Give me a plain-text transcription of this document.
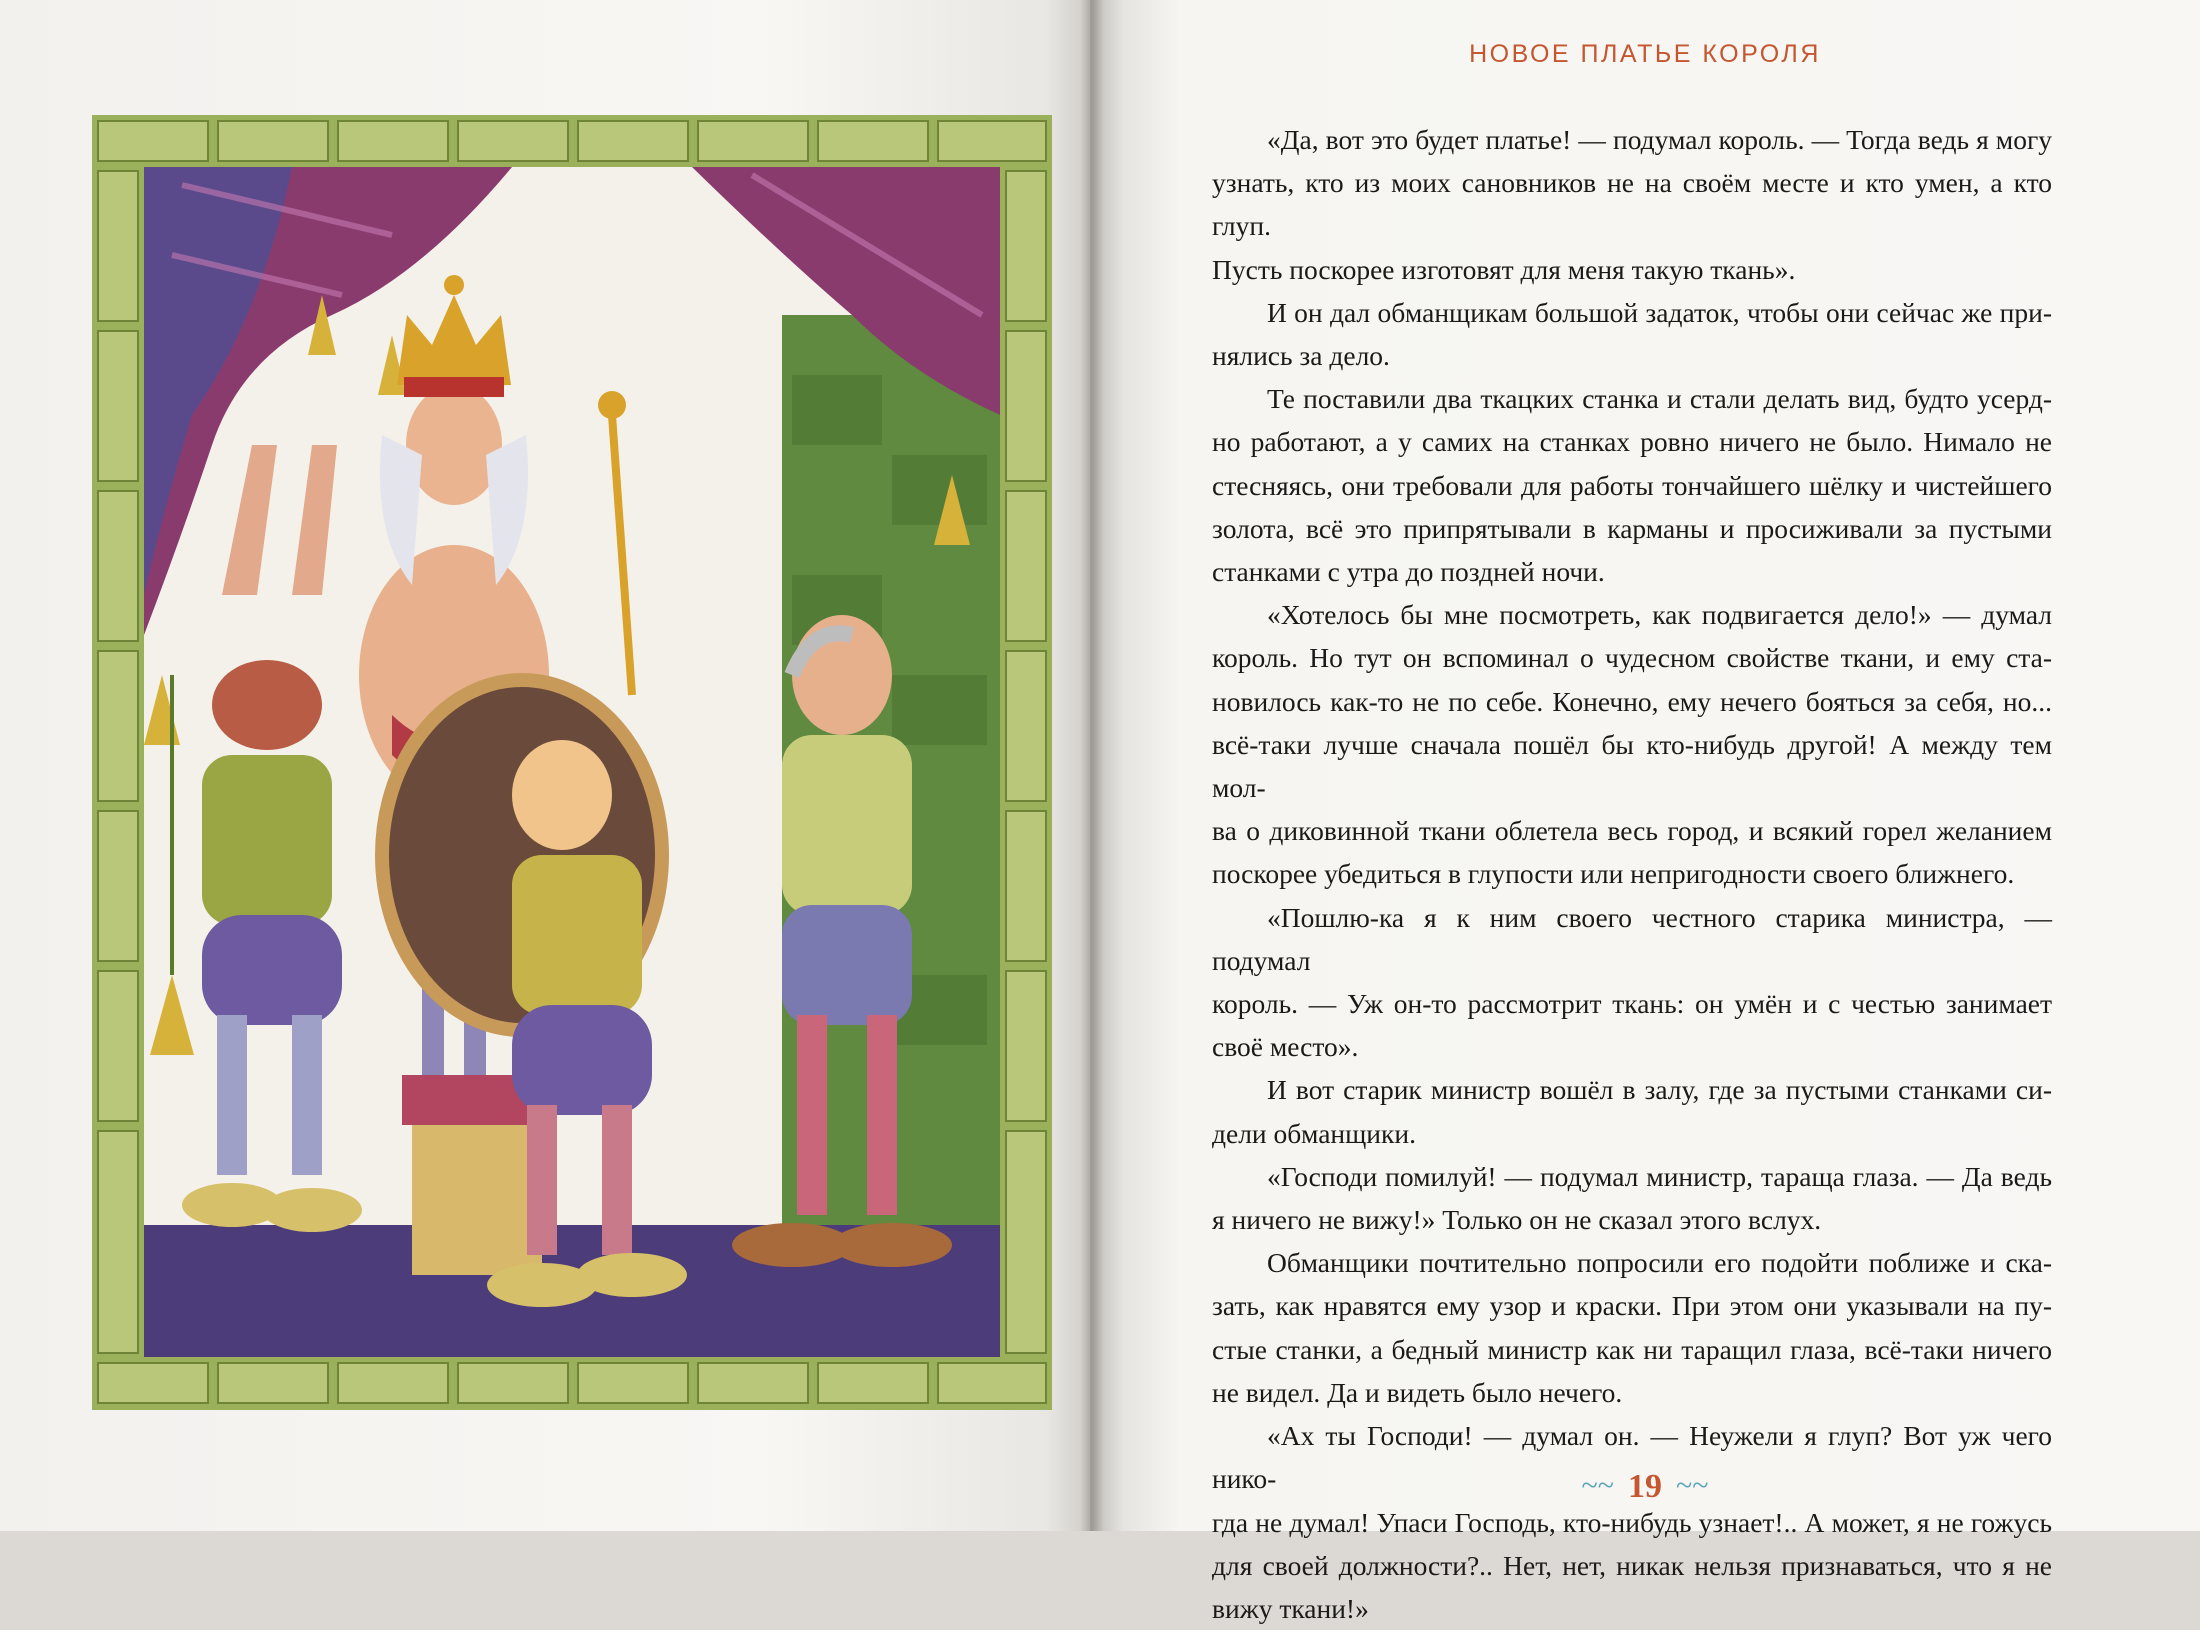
НОВОЕ ПЛАТЬЕ КОРОЛЯ

«Да, вот это будет платье! — подумал король. — Тогда ведь я могу

узнать, кто из моих сановников не на своём месте и кто умен, а кто глуп.

Пусть поскорее изготовят для меня такую ткань».

И он дал обманщикам большой задаток, чтобы они сейчас же при-

нялись за дело.

Те поставили два ткацких станка и стали делать вид, будто усерд-

но работают, а у самих на станках ровно ничего не было. Нимало не

стесняясь, они требовали для работы тончайшего шёлку и чистейшего

золота, всё это припрятывали в карманы и просиживали за пустыми

станками с утра до поздней ночи.

«Хотелось бы мне посмотреть, как подвигается дело!» — думал

король. Но тут он вспоминал о чудесном свойстве ткани, и ему ста-

новилось как-то не по себе. Конечно, ему нечего бояться за себя, но...

всё-таки лучше сначала пошёл бы кто-нибудь другой! А между тем мол-

ва о диковинной ткани облетела весь город, и всякий горел желанием

поскорее убедиться в глупости или непригодности своего ближнего.

«Пошлю-ка я к ним своего честного старика министра, — подумал

король. — Уж он-то рассмотрит ткань: он умён и с честью занимает

своё место».

И вот старик министр вошёл в залу, где за пустыми станками си-

дели обманщики.

«Господи помилуй! — подумал министр, тараща глаза. — Да ведь

я ничего не вижу!» Только он не сказал этого вслух.

Обманщики почтительно попросили его подойти поближе и ска-

зать, как нравятся ему узор и краски. При этом они указывали на пу-

стые станки, а бедный министр как ни таращил глаза, всё-таки ничего

не видел. Да и видеть было нечего.

«Ах ты Господи! — думал он. — Неужели я глуп? Вот уж чего нико-

гда не думал! Упаси Господь, кто-нибудь узнает!.. А может, я не гожусь

для своей должности?.. Нет, нет, никак нельзя признаваться, что я не

вижу ткани!»

~~ 19 ~~
